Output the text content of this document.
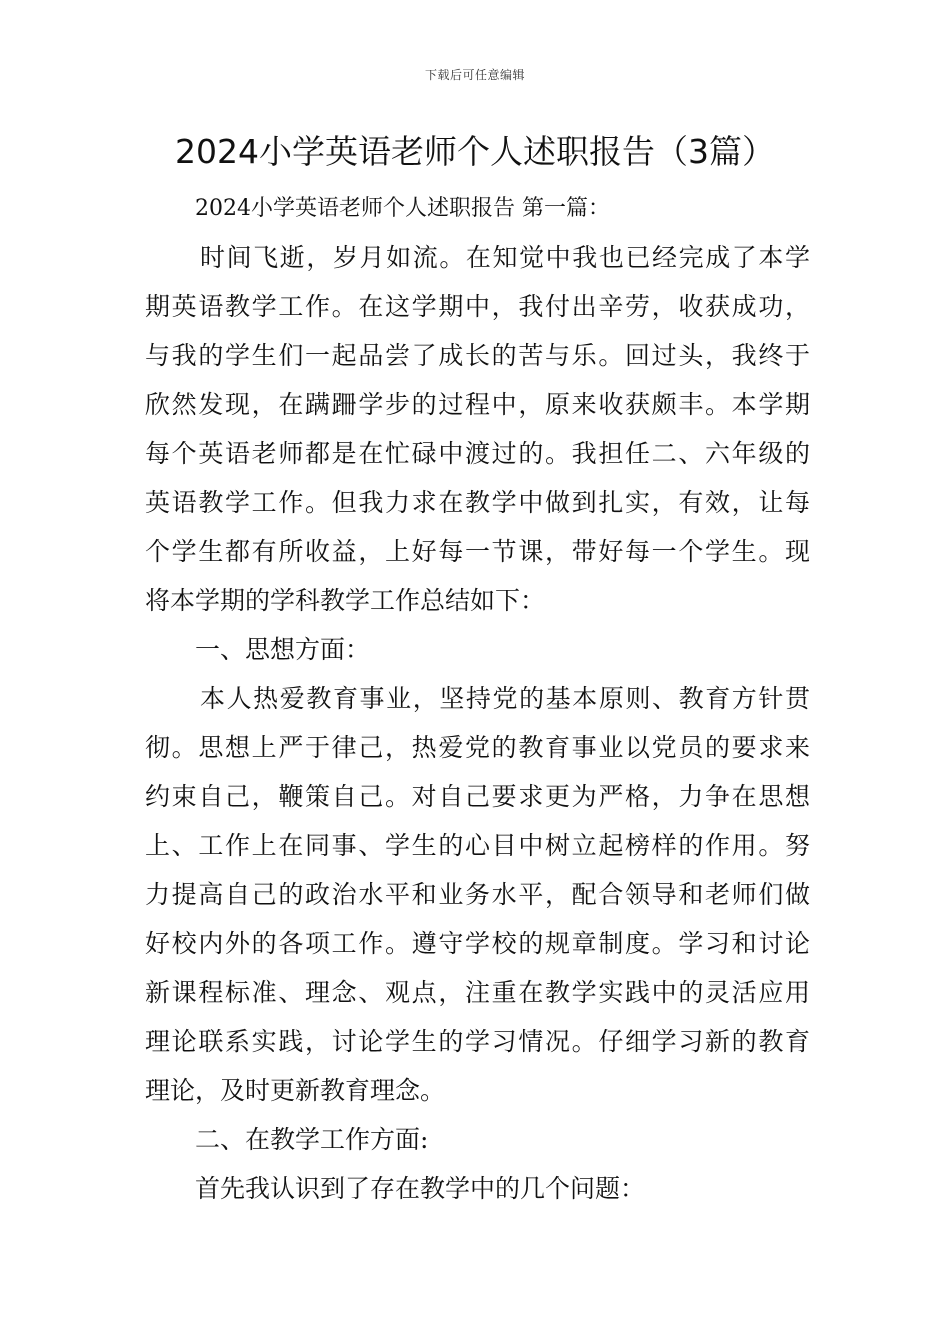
下载后可任意编辑
2024小学英语老师个人述职报告（3篇）
2024小学英语老师个人述职报告 第一篇：
时间飞逝，岁月如流。在知觉中我也已经完成了本学
期英语教学工作。在这学期中，我付出辛劳，收获成功，
与我的学生们一起品尝了成长的苦与乐。回过头，我终于
欣然发现，在蹒跚学步的过程中，原来收获颇丰。本学期
每个英语老师都是在忙碌中渡过的。我担任二、六年级的
英语教学工作。但我力求在教学中做到扎实，有效，让每
个学生都有所收益，上好每一节课，带好每一个学生。现
将本学期的学科教学工作总结如下：
一、思想方面：
本人热爱教育事业，坚持党的基本原则、教育方针贯
彻。思想上严于律己，热爱党的教育事业以党员的要求来
约束自己，鞭策自己。对自己要求更为严格，力争在思想
上、工作上在同事、学生的心目中树立起榜样的作用。努
力提高自己的政治水平和业务水平，配合领导和老师们做
好校内外的各项工作。遵守学校的规章制度。学习和讨论
新课程标准、理念、观点，注重在教学实践中的灵活应用
理论联系实践，讨论学生的学习情况。仔细学习新的教育
理论，及时更新教育理念。
二、在教学工作方面:
首先我认识到了存在教学中的几个问题：
